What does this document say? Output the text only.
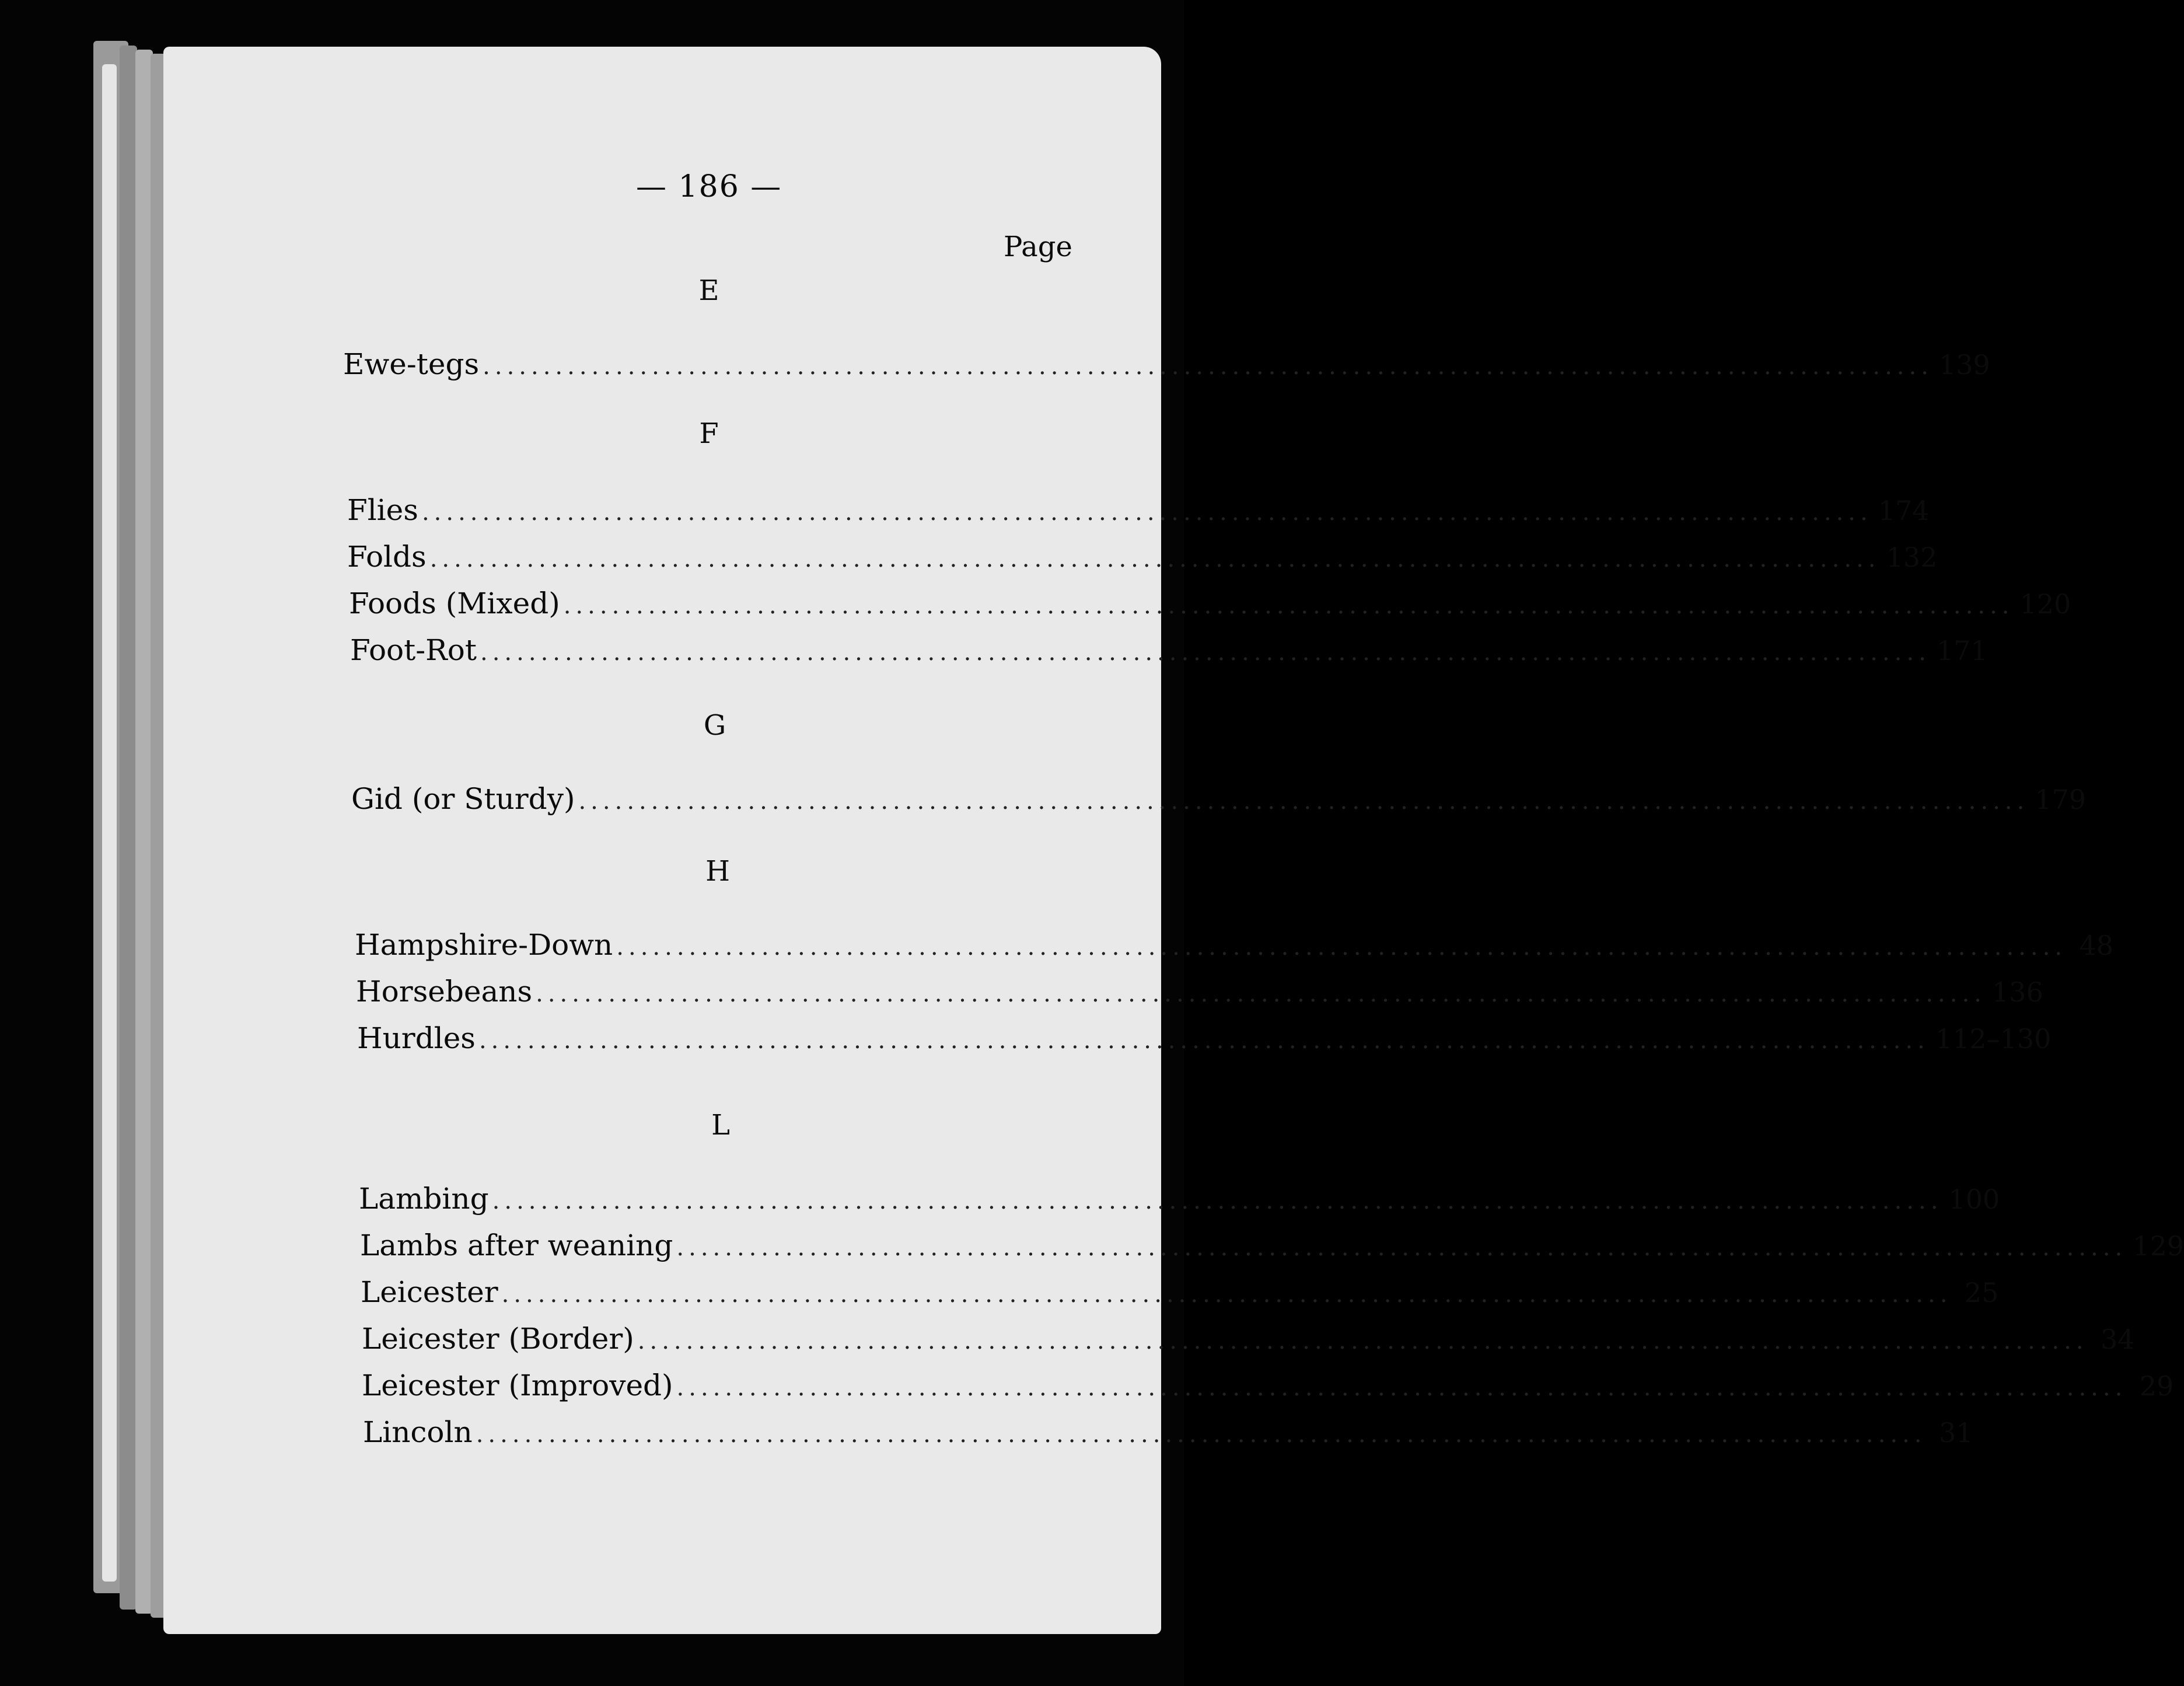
— 186 —
Page
E
Ewe-tegs ........................................................................................................................ 139
F
Flies ........................................................................................................................ 174
Folds ........................................................................................................................ 132
Foods (Mixed) ........................................................................................................................ 120
Foot-Rot ........................................................................................................................ 171
G
Gid (or Sturdy) ........................................................................................................................ 179
H
Hampshire-Down ........................................................................................................................ 48
Horsebeans ........................................................................................................................ 136
Hurdles ........................................................................................................................ 112–130
L
Lambing ........................................................................................................................ 100
Lambs after weaning ........................................................................................................................ 129
Leicester ........................................................................................................................ 25
Leicester (Border) ........................................................................................................................ 34
Leicester (Improved) ........................................................................................................................ 29
Lincoln ........................................................................................................................ 31
